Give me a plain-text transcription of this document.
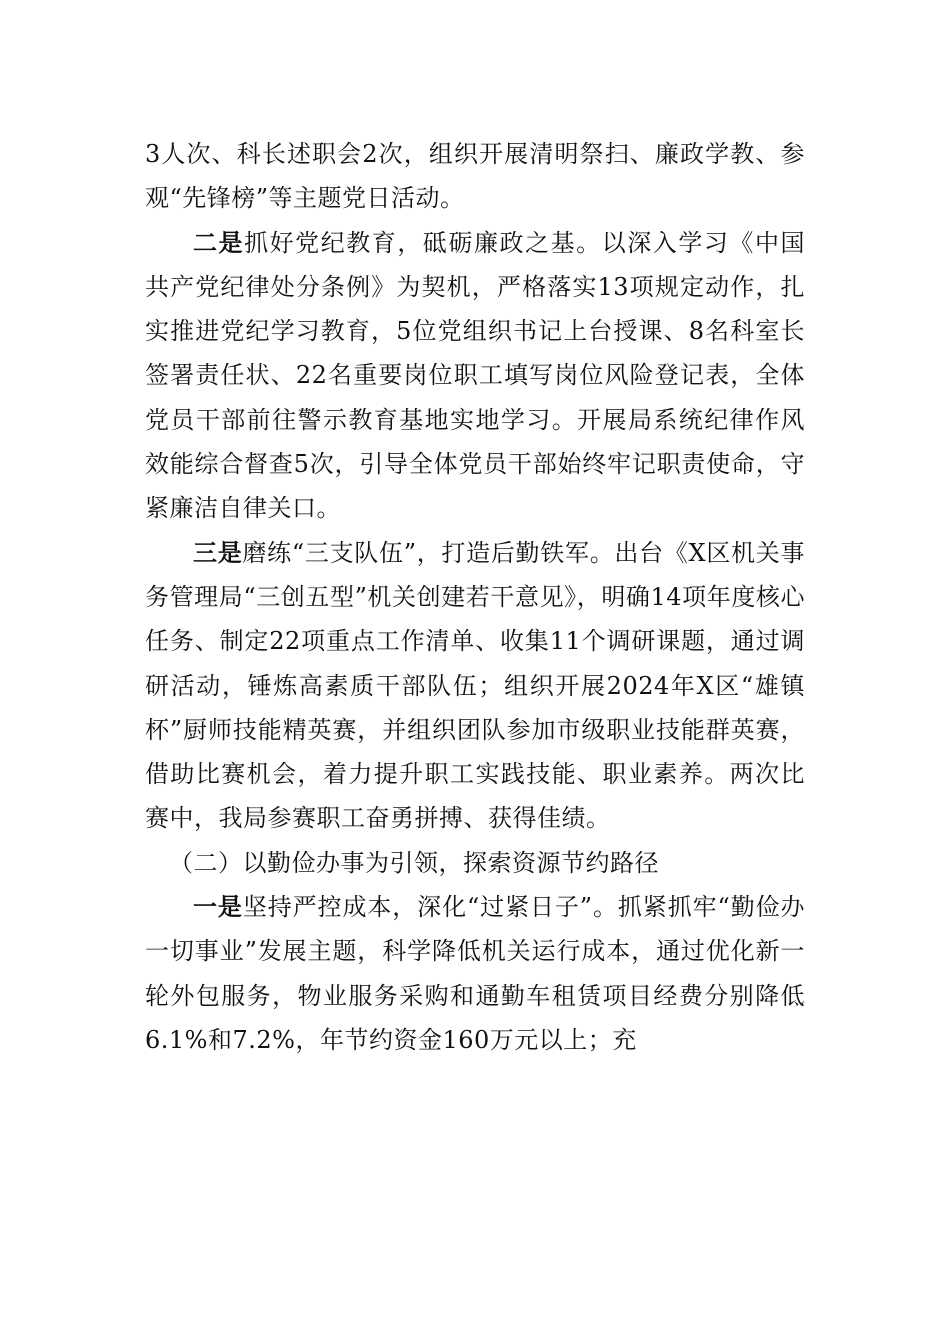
3人次、科长述职会2次，组织开展清明祭扫、廉政学教、参观“先锋榜”等主题党日活动。

二是抓好党纪教育，砥砺廉政之基。以深入学习《中国共产党纪律处分条例》为契机，严格落实13项规定动作，扎实推进党纪学习教育，5位党组织书记上台授课、8名科室长签署责任状、22名重要岗位职工填写岗位风险登记表，全体党员干部前往警示教育基地实地学习。开展局系统纪律作风效能综合督查5次，引导全体党员干部始终牢记职责使命，守紧廉洁自律关口。

三是磨练“三支队伍”，打造后勤铁军。出台《X区机关事务管理局“三创五型”机关创建若干意见》，明确14项年度核心任务、制定22项重点工作清单、收集11个调研课题，通过调研活动，锤炼高素质干部队伍；组织开展2024年X区“雄镇杯”厨师技能精英赛，并组织团队参加市级职业技能群英赛，借助比赛机会，着力提升职工实践技能、职业素养。两次比赛中，我局参赛职工奋勇拼搏、获得佳绩。

（二）以勤俭办事为引领，探索资源节约路径

一是坚持严控成本，深化“过紧日子”。抓紧抓牢“勤俭办一切事业”发展主题，科学降低机关运行成本，通过优化新一轮外包服务，物业服务采购和通勤车租赁项目经费分别降低6.1%和7.2%，年节约资金160万元以上；充
